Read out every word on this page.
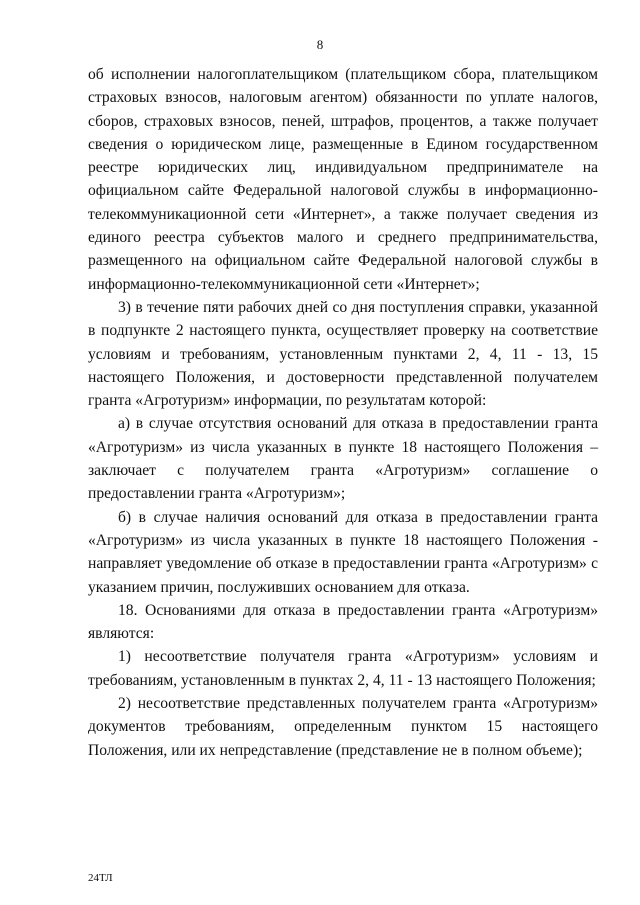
8

об исполнении налогоплательщиком (плательщиком сбора, плательщиком страховых взносов, налоговым агентом) обязанности по уплате налогов, сборов, страховых взносов, пеней, штрафов, процентов, а также получает сведения о юридическом лице, размещенные в Едином государственном реестре юридических лиц, индивидуальном предпринимателе на официальном сайте Федеральной налоговой службы в информационно-телекоммуникационной сети «Интернет», а также получает сведения из единого реестра субъектов малого и среднего предпринимательства, размещенного на официальном сайте Федеральной налоговой службы в информационно-телекоммуникационной сети «Интернет»;

3) в течение пяти рабочих дней со дня поступления справки, указанной в подпункте 2 настоящего пункта, осуществляет проверку на соответствие условиям и требованиям, установленным пунктами 2, 4, 11 - 13, 15 настоящего Положения, и достоверности представленной получателем гранта «Агротуризм» информации, по результатам которой:

а) в случае отсутствия оснований для отказа в предоставлении гранта «Агротуризм» из числа указанных в пункте 18 настоящего Положения – заключает с получателем гранта «Агротуризм» соглашение о предоставлении гранта «Агротуризм»;

б) в случае наличия оснований для отказа в предоставлении гранта «Агротуризм» из числа указанных в пункте 18 настоящего Положения - направляет уведомление об отказе в предоставлении гранта «Агротуризм» с указанием причин, послуживших основанием для отказа.

18. Основаниями для отказа в предоставлении гранта «Агротуризм» являются:

1) несоответствие получателя гранта «Агротуризм» условиям и требованиям, установленным в пунктах 2, 4, 11 - 13 настоящего Положения;

2) несоответствие представленных получателем гранта «Агротуризм» документов требованиям, определенным пунктом 15 настоящего Положения, или их непредставление (представление не в полном объеме);

24ТЛ
